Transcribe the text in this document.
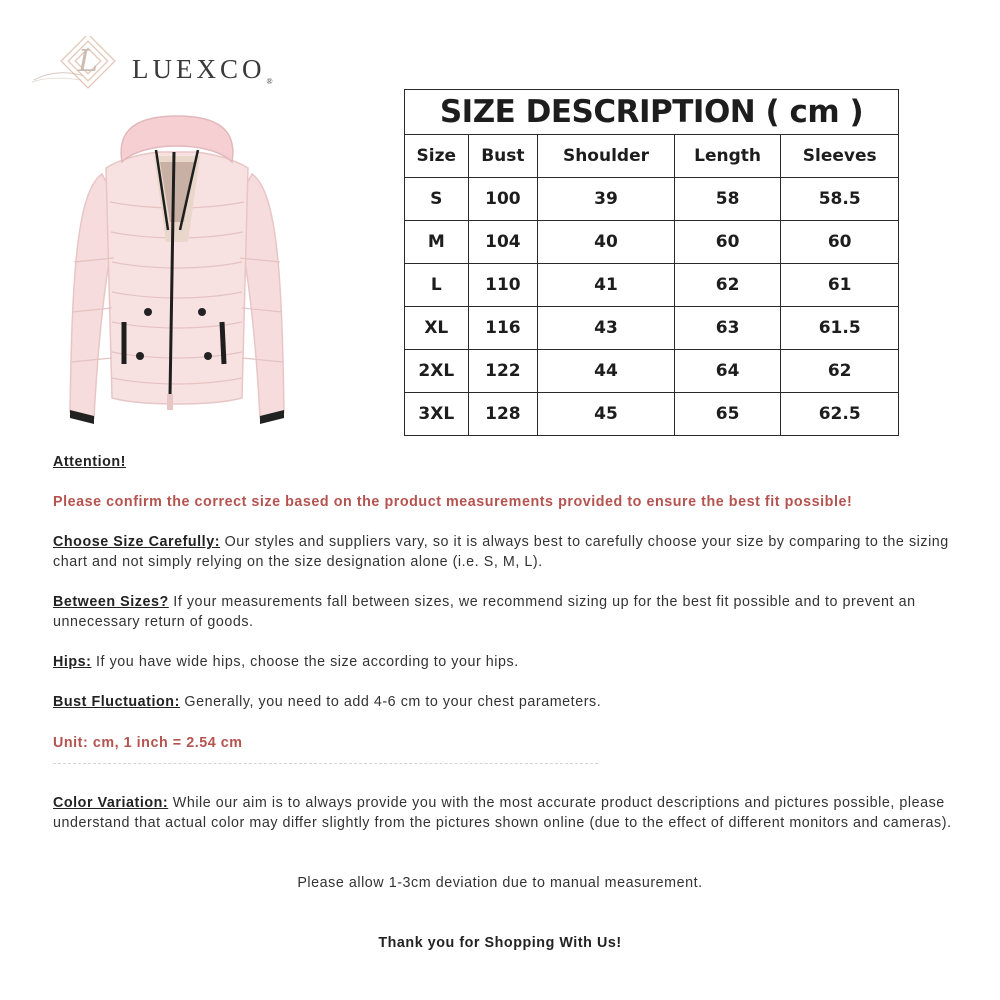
L $LUEXCO_®$
SIZE DESCRIPTION ( cm )				
Size	Bust	Shoulder	Length	Sleeves
S	100	39	58	58.5
M	104	40	60	60
L	110	41	62	61
XL	116	43	63	61.5
2XL	122	44	64	62
3XL	128	45	65	62.5
Attention!
Please confirm the correct size based on the product measurements provided to ensure the best fit possible!
Choose Size Carefully: Our styles and suppliers vary, so it is always best to carefully choose your size by comparing to the sizing chart and not simply relying on the size designation alone (i.e. S, M, L).
Between Sizes? If your measurements fall between sizes, we recommend sizing up for the best fit possible and to prevent an unnecessary return of goods.
Hips: If you have wide hips, choose the size according to your hips.
Bust Fluctuation: Generally, you need to add 4-6 cm to your chest parameters.
Unit: cm, 1 inch = 2.54 cm
Color Variation: While our aim is to always provide you with the most accurate product descriptions and pictures possible, please understand that actual color may differ slightly from the pictures shown online (due to the effect of different monitors and cameras).
Please allow 1-3cm deviation due to manual measurement.
Thank you for Shopping With Us!
